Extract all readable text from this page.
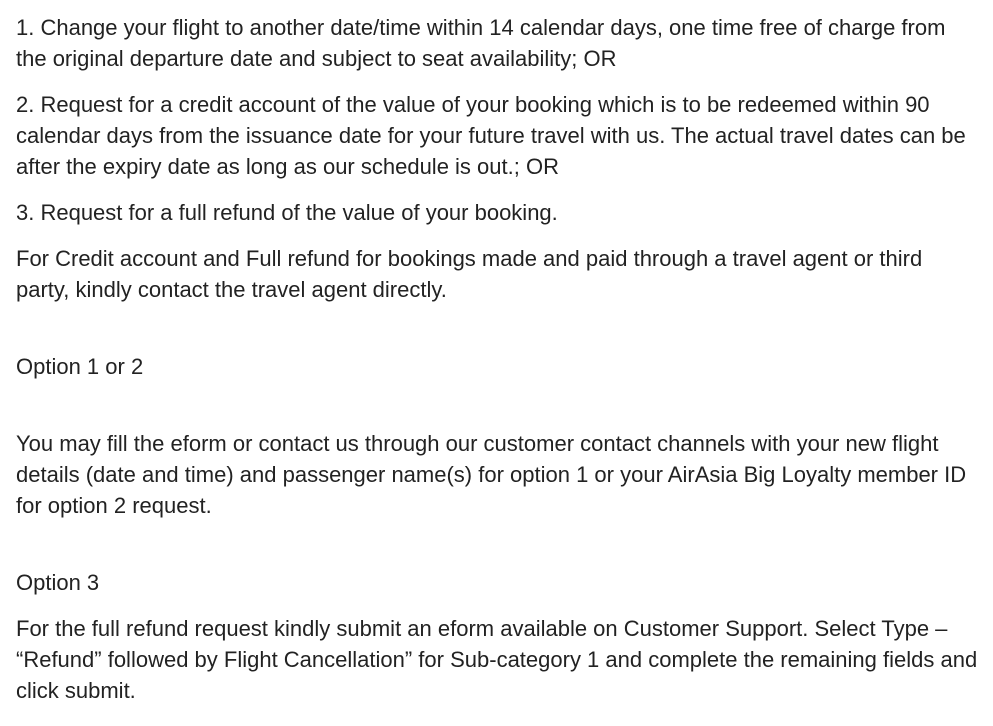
1. Change your flight to another date/time within 14 calendar days, one time free of charge from the original departure date and subject to seat availability; OR

2. Request for a credit account of the value of your booking which is to be redeemed within 90 calendar days from the issuance date for your future travel with us. The actual travel dates can be after the expiry date as long as our schedule is out.; OR

3. Request for a full refund of the value of your booking.

For Credit account and Full refund for bookings made and paid through a travel agent or third party, kindly contact the travel agent directly.

Option 1 or 2

You may fill the eform or contact us through our customer contact channels with your new flight details (date and time) and passenger name(s) for option 1 or your AirAsia Big Loyalty member ID for option 2 request.

Option 3

For the full refund request kindly submit an eform available on Customer Support. Select Type – “Refund” followed by Flight Cancellation” for Sub-category 1 and complete the remaining fields and click submit.
